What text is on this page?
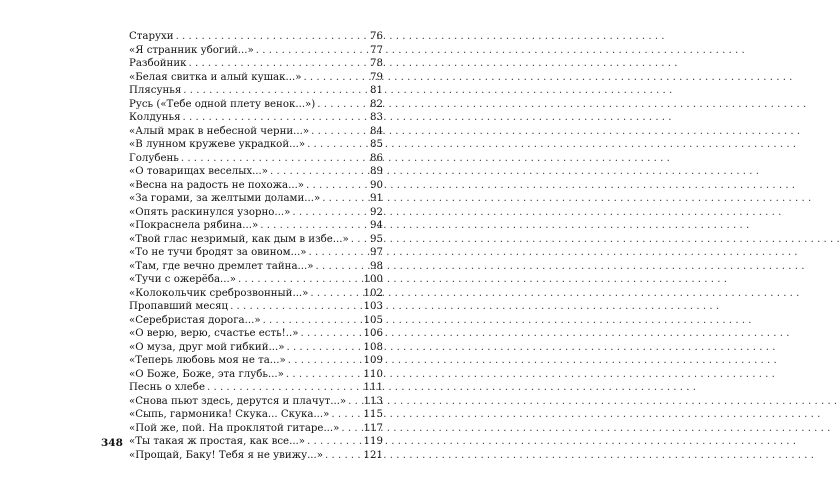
Старухи . . .	76
«Я странник убогий...» . . .	77
Разбойник . . .	78
«Белая свитка и алый кушак...» . . .	79
Плясунья . . .	81
Русь («Тебе одной плету венок...») . . .	82
Колдунья . . .	83
«Алый мрак в небесной черни...» . . .	84
«В лунном кружеве украдкой...» . . .	85
Голубень . . .	86
«О товарищах веселых...» . . .	89
«Весна на радость не похожа...» . . .	90
«За горами, за желтыми долами...» . . .	91
«Опять раскинулся узорно...» . . .	92
«Покраснела рябина...» . . .	94
«Твой глас незримый, как дым в избе...» . . . 95
«То не тучи бродят за овином...» . . .	97
«Там, где вечно дремлет тайна...» . . .	98
«Тучи с ожерёба...» . . .	100
«Колокольчик среброзвонный...» . . .	102
Пропавший месяц . . .	103
«Серебристая дорога...» . . .	105
«О верю, верю, счастье есть!..» . . .	106
«О муза, друг мой гибкий...» . . .	108
«Теперь любовь моя не та...» . . .	109
«О Боже, Боже, эта глубь...» . . .	110
Песнь о хлебе . . .	111
«Снова пьют здесь, дерутся и плачут...» . . . 113
«Сыпь, гармоника! Скука... Скука...» . . .	115
«Пой же, пой. На проклятой гитаре...» . . . 117
«Ты такая ж простая, как все...» . . .	119
«Прощай, Баку! Тебя я не увижу...» . . .	121
348
